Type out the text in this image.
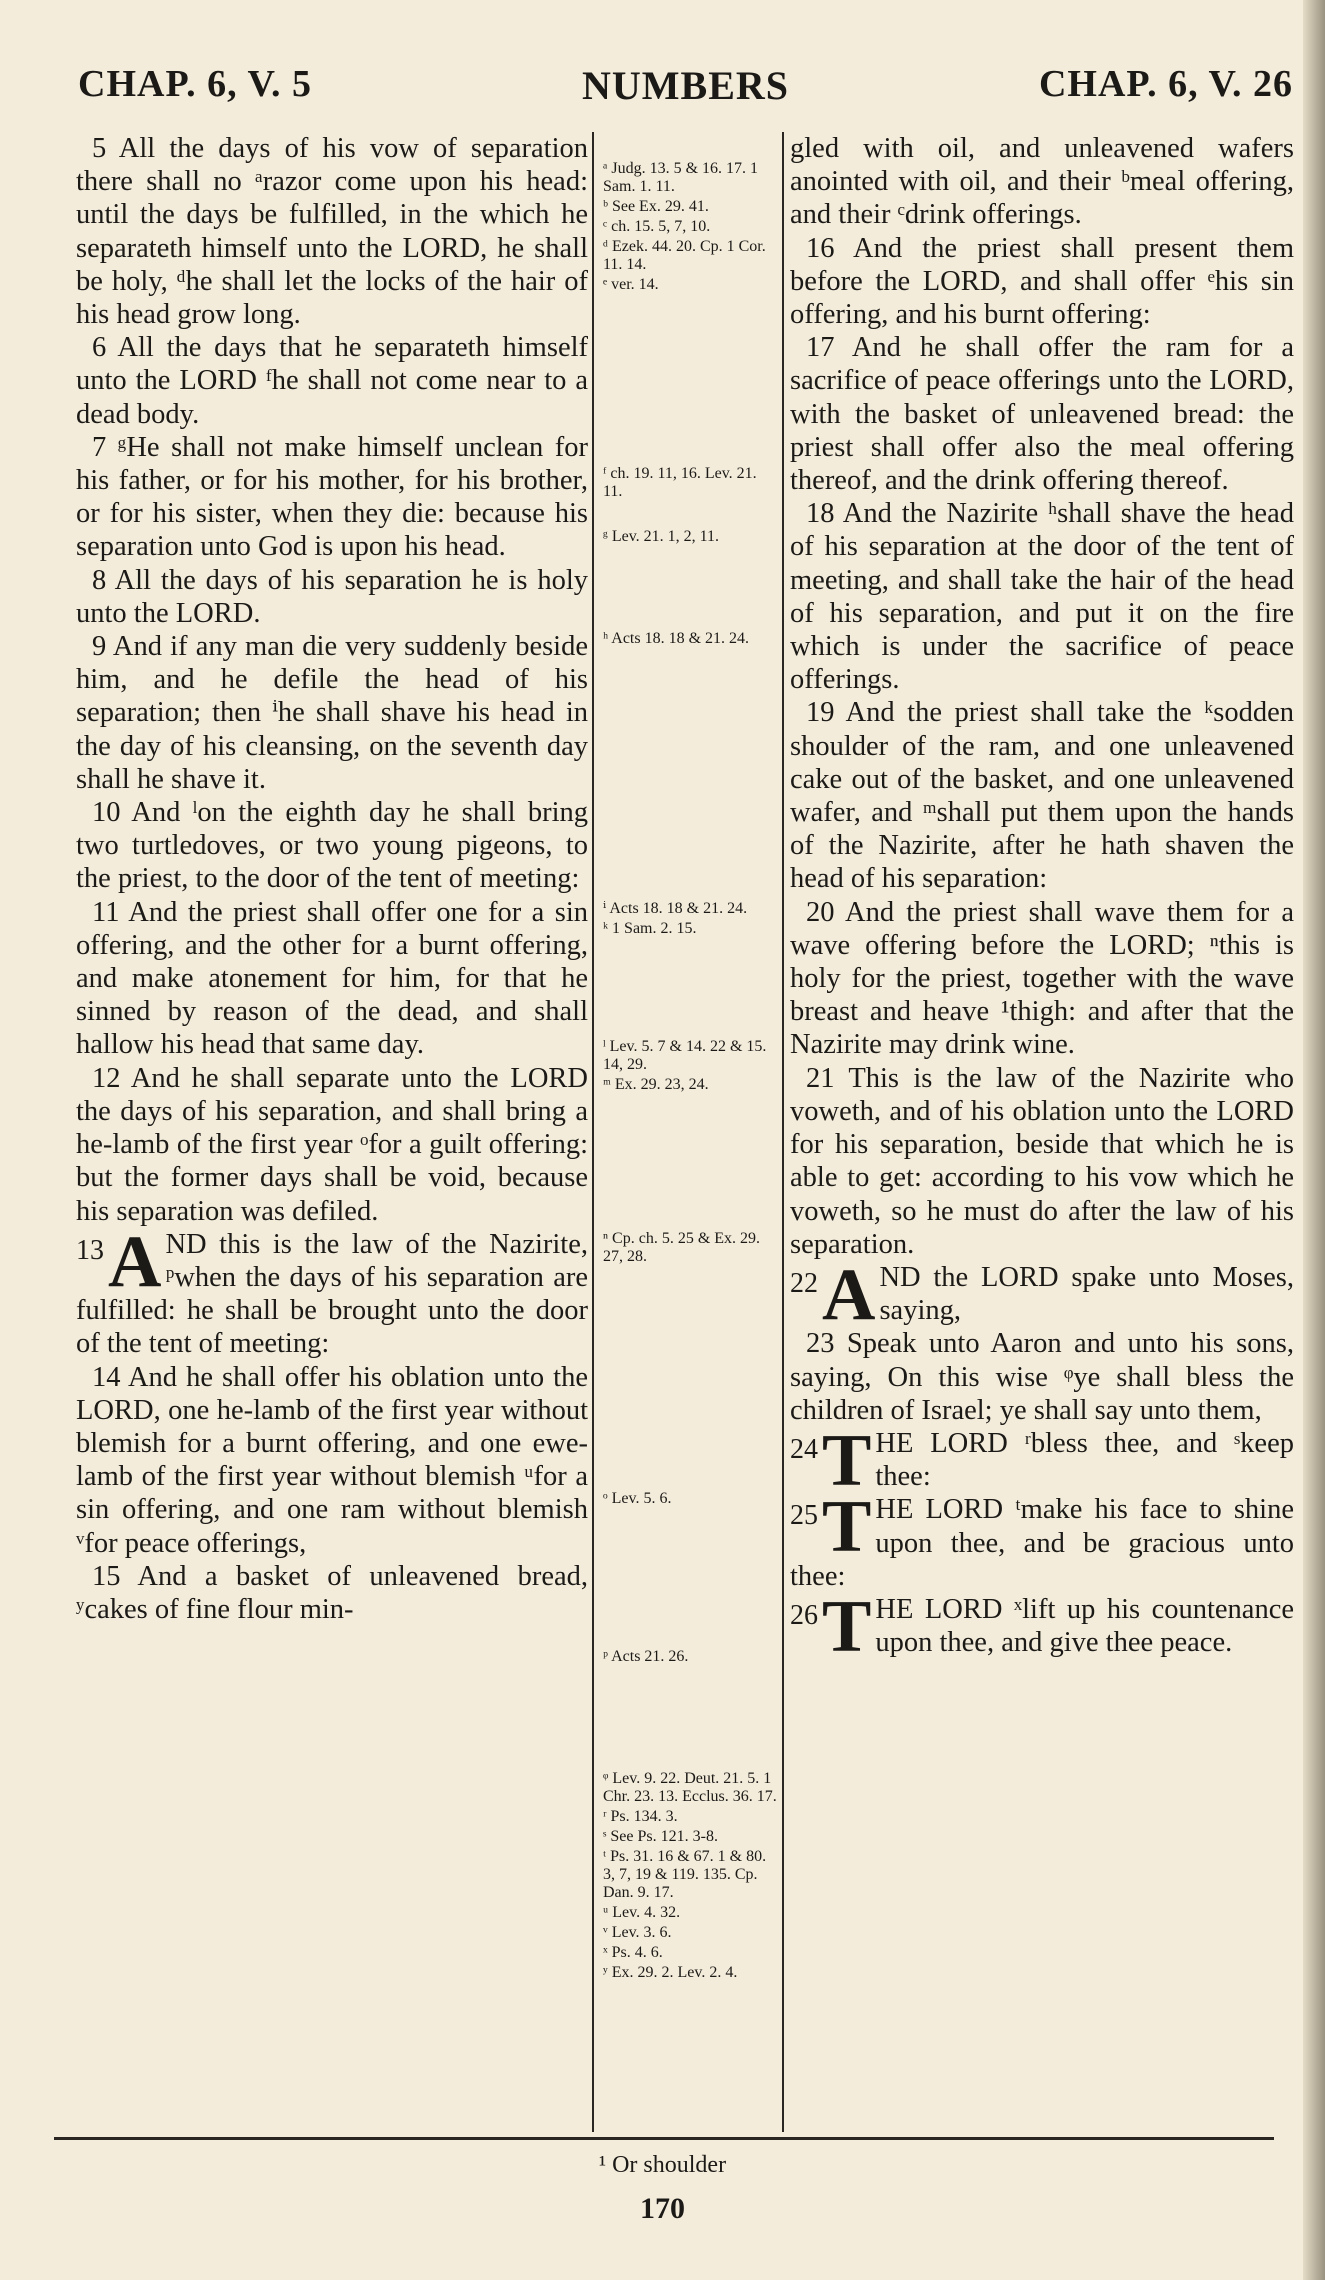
CHAP. 6, V. 5	NUMBERS	CHAP. 6, V. 26

5 All the days of his vow of separation there shall no ᵃrazor come upon his head: until the days be fulfilled, in the which he separateth himself unto the LORD, he shall be holy, ᵈhe shall let the locks of the hair of his head grow long.

6 All the days that he separateth himself unto the LORD ᶠhe shall not come near to a dead body.

7 ᵍHe shall not make himself unclean for his father, or for his mother, for his brother, or for his sister, when they die: because his separation unto God is upon his head.

8 All the days of his separation he is holy unto the LORD.

9 And if any man die very suddenly beside him, and he defile the head of his separation; then ⁱhe shall shave his head in the day of his cleansing, on the seventh day shall he shave it.

10 And ˡon the eighth day he shall bring two turtledoves, or two young pigeons, to the priest, to the door of the tent of meeting:

11 And the priest shall offer one for a sin offering, and the other for a burnt offering, and make atonement for him, for that he sinned by reason of the dead, and shall hallow his head that same day.

12 And he shall separate unto the LORD the days of his separation, and shall bring a he-lamb of the first year ᵒfor a guilt offering: but the former days shall be void, because his separation was defiled.

13 A ND this is the law of the Nazirite, ᵖwhen the days of his separation are fulfilled: he shall be brought unto the door of the tent of meeting:

14 And he shall offer his oblation unto the LORD, one he-lamb of the first year without blemish for a burnt offering, and one ewe-lamb of the first year without blemish ᵘfor a sin offering, and one ram without blemish ᵛfor peace offerings,

15 And a basket of unleavened bread, ʸcakes of fine flour min-

ᵃ Judg. 13. 5 & 16. 17. 1 Sam. 1. 11.
ᵇ See Ex. 29. 41.
ᶜ ch. 15. 5, 7, 10.
ᵈ Ezek. 44. 20. Cp. 1 Cor. 11. 14.
ᵉ ver. 14.
ᶠ ch. 19. 11, 16. Lev. 21. 11.
ᵍ Lev. 21. 1, 2, 11.
ʰ Acts 18. 18 & 21. 24.
ⁱ Acts 18. 18 & 21. 24.
ᵏ 1 Sam. 2. 15.
ˡ Lev. 5. 7 & 14. 22 & 15. 14, 29.
ᵐ Ex. 29. 23, 24.
ⁿ Cp. ch. 5. 25 & Ex. 29. 27, 28.
ᵒ Lev. 5. 6.
ᵖ Acts 21. 26.
ᵠ Lev. 9. 22. Deut. 21. 5. 1 Chr. 23. 13. Ecclus. 36. 17.
ʳ Ps. 134. 3.
ˢ See Ps. 121. 3-8.
ᵗ Ps. 31. 16 & 67. 1 & 80. 3, 7, 19 & 119. 135. Cp. Dan. 9. 17.
ᵘ Lev. 4. 32.
ᵛ Lev. 3. 6.
ˣ Ps. 4. 6.
ʸ Ex. 29. 2. Lev. 2. 4.

gled with oil, and unleavened wafers anointed with oil, and their ᵇmeal offering, and their ᶜdrink offerings.

16 And the priest shall present them before the LORD, and shall offer ᵉhis sin offering, and his burnt offering:

17 And he shall offer the ram for a sacrifice of peace offerings unto the LORD, with the basket of unleavened bread: the priest shall offer also the meal offering thereof, and the drink offering thereof.

18 And the Nazirite ʰshall shave the head of his separation at the door of the tent of meeting, and shall take the hair of the head of his separation, and put it on the fire which is under the sacrifice of peace offerings.

19 And the priest shall take the ᵏsodden shoulder of the ram, and one unleavened cake out of the basket, and one unleavened wafer, and ᵐshall put them upon the hands of the Nazirite, after he hath shaven the head of his separation:

20 And the priest shall wave them for a wave offering before the LORD; ⁿthis is holy for the priest, together with the wave breast and heave ¹thigh: and after that the Nazirite may drink wine.

21 This is the law of the Nazirite who voweth, and of his oblation unto the LORD for his separation, beside that which he is able to get: according to his vow which he voweth, so he must do after the law of his separation.

22 A ND the LORD spake unto Moses, saying,

23 Speak unto Aaron and unto his sons, saying, On this wise ᵠye shall bless the children of Israel; ye shall say unto them,

24 T HE LORD ʳbless thee, and ˢkeep thee:

25 T HE LORD ᵗmake his face to shine upon thee, and be gracious unto thee:

26 T HE LORD ˣlift up his countenance upon thee, and give thee peace.

¹ Or shoulder
170
